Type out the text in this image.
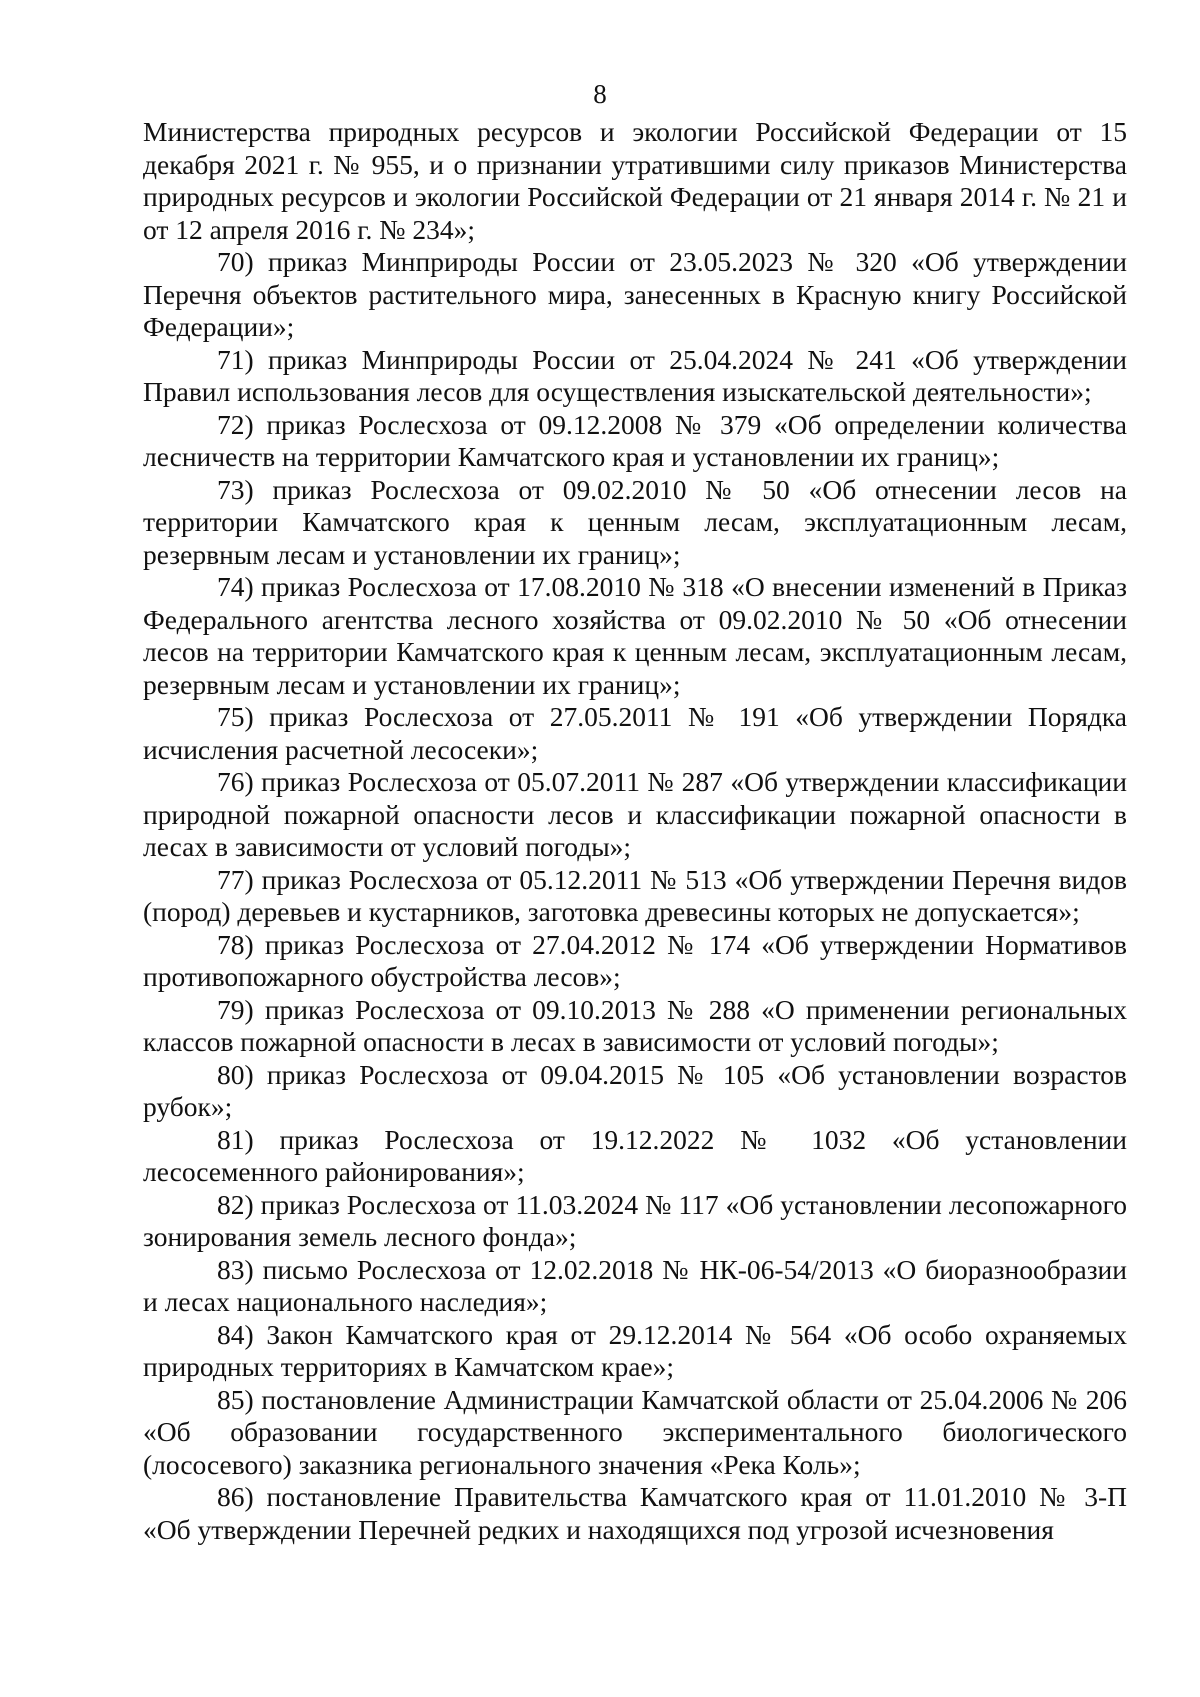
8

Министерства природных ресурсов и экологии Российской Федерации от 15 декабря 2021 г. № 955, и о признании утратившими силу приказов Министерства природных ресурсов и экологии Российской Федерации от 21 января 2014 г. № 21 и от 12 апреля 2016 г. № 234»;

70) приказ Минприроды России от 23.05.2023 № 320 «Об утверждении Перечня объектов растительного мира, занесенных в Красную книгу Российской Федерации»;

71) приказ Минприроды России от 25.04.2024 № 241 «Об утверждении Правил использования лесов для осуществления изыскательской деятельности»;

72) приказ Рослесхоза от 09.12.2008 № 379 «Об определении количества лесничеств на территории Камчатского края и установлении их границ»;

73) приказ Рослесхоза от 09.02.2010 № 50 «Об отнесении лесов на территории Камчатского края к ценным лесам, эксплуатационным лесам, резервным лесам и установлении их границ»;

74) приказ Рослесхоза от 17.08.2010 № 318 «О внесении изменений в Приказ Федерального агентства лесного хозяйства от 09.02.2010 № 50 «Об отнесении лесов на территории Камчатского края к ценным лесам, эксплуатационным лесам, резервным лесам и установлении их границ»;

75) приказ Рослесхоза от 27.05.2011 № 191 «Об утверждении Порядка исчисления расчетной лесосеки»;

76) приказ Рослесхоза от 05.07.2011 № 287 «Об утверждении классификации природной пожарной опасности лесов и классификации пожарной опасности в лесах в зависимости от условий погоды»;

77) приказ Рослесхоза от 05.12.2011 № 513 «Об утверждении Перечня видов (пород) деревьев и кустарников, заготовка древесины которых не допускается»;

78) приказ Рослесхоза от 27.04.2012 № 174 «Об утверждении Нормативов противопожарного обустройства лесов»;

79) приказ Рослесхоза от 09.10.2013 № 288 «О применении региональных классов пожарной опасности в лесах в зависимости от условий погоды»;

80) приказ Рослесхоза от 09.04.2015 № 105 «Об установлении возрастов рубок»;

81) приказ Рослесхоза от 19.12.2022 № 1032 «Об установлении лесосеменного районирования»;

82) приказ Рослесхоза от 11.03.2024 № 117 «Об установлении лесопожарного зонирования земель лесного фонда»;

83) письмо Рослесхоза от 12.02.2018 № НК-06-54/2013 «О биоразнообразии и лесах национального наследия»;

84) Закон Камчатского края от 29.12.2014 № 564 «Об особо охраняемых природных территориях в Камчатском крае»;

85) постановление Администрации Камчатской области от 25.04.2006 № 206 «Об образовании государственного экспериментального биологического (лососевого) заказника регионального значения «Река Коль»;

86) постановление Правительства Камчатского края от 11.01.2010 № 3-П «Об утверждении Перечней редких и находящихся под угрозой исчезновения
